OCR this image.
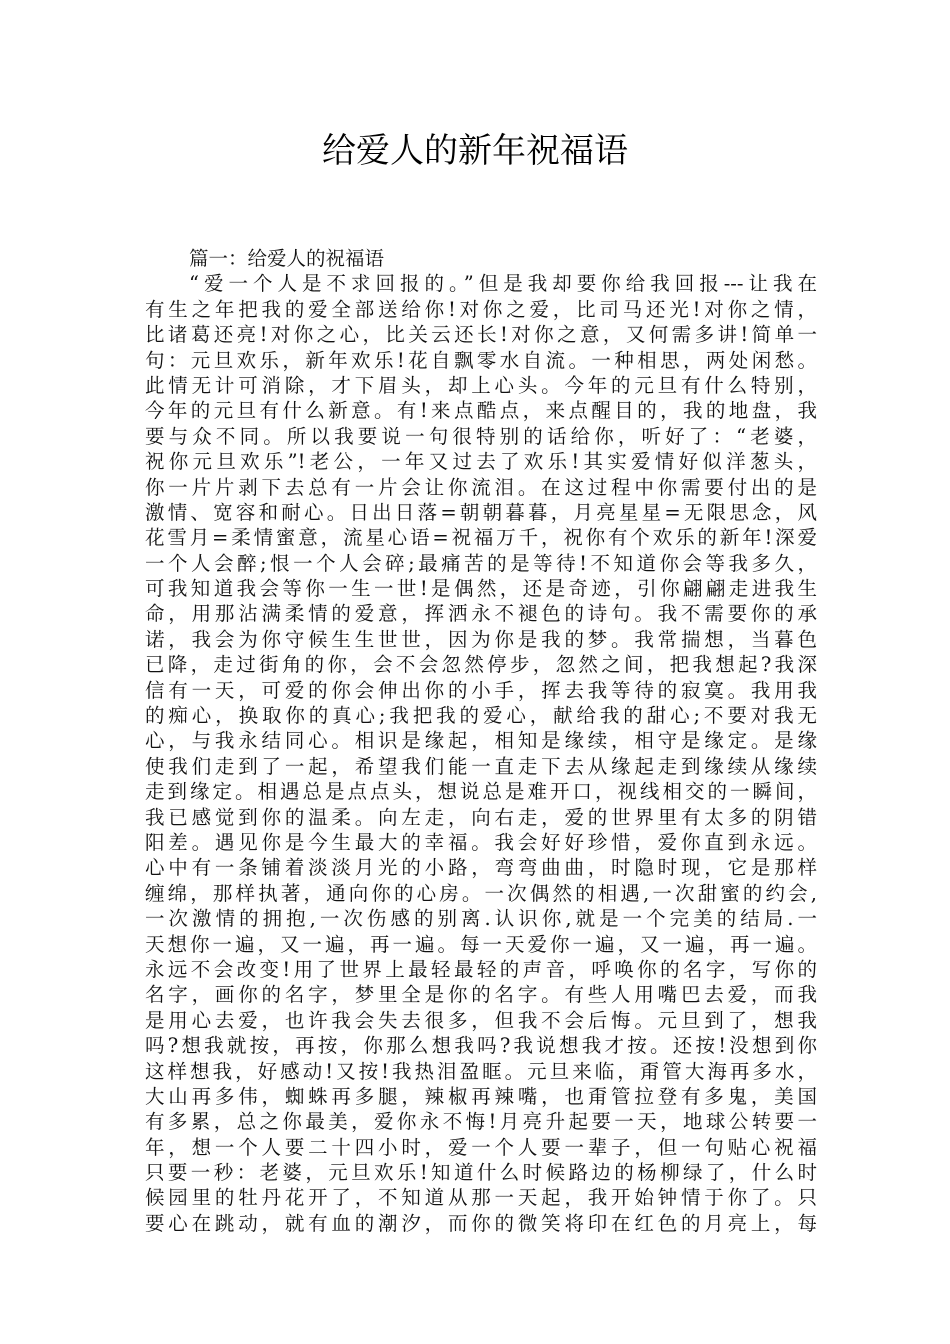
给爱人的新年祝福语
篇一：给爱人的祝福语
“爱一个人是不求回报的。”但是我却要你给我回报---让我在
有生之年把我的爱全部送给你!对你之爱，比司马还光!对你之情，
比诸葛还亮!对你之心，比关云还长!对你之意，又何需多讲!简单一
句：元旦欢乐，新年欢乐!花自飘零水自流。一种相思，两处闲愁。
此情无计可消除，才下眉头，却上心头。今年的元旦有什么特别，
今年的元旦有什么新意。有!来点酷点，来点醒目的，我的地盘，我
要与众不同。所以我要说一句很特别的话给你，听好了：“老婆，
祝你元旦欢乐”!老公，一年又过去了欢乐!其实爱情好似洋葱头，
你一片片剥下去总有一片会让你流泪。在这过程中你需要付出的是
激情、宽容和耐心。日出日落=朝朝暮暮，月亮星星=无限思念，风
花雪月=柔情蜜意，流星心语=祝福万千，祝你有个欢乐的新年!深爱
一个人会醉;恨一个人会碎;最痛苦的是等待!不知道你会等我多久，
可我知道我会等你一生一世!是偶然，还是奇迹，引你翩翩走进我生
命，用那沾满柔情的爱意，挥洒永不褪色的诗句。我不需要你的承
诺，我会为你守候生生世世，因为你是我的梦。我常揣想，当暮色
已降，走过街角的你，会不会忽然停步，忽然之间，把我想起?我深
信有一天，可爱的你会伸出你的小手，挥去我等待的寂寞。我用我
的痴心，换取你的真心;我把我的爱心，献给我的甜心;不要对我无
心，与我永结同心。相识是缘起，相知是缘续，相守是缘定。是缘
使我们走到了一起，希望我们能一直走下去从缘起走到缘续从缘续
走到缘定。相遇总是点点头，想说总是难开口，视线相交的一瞬间，
我已感觉到你的温柔。向左走，向右走，爱的世界里有太多的阴错
阳差。遇见你是今生最大的幸福。我会好好珍惜，爱你直到永远。
心中有一条铺着淡淡月光的小路，弯弯曲曲，时隐时现，它是那样
缠绵，那样执著，通向你的心房。一次偶然的相遇,一次甜蜜的约会,
一次激情的拥抱,一次伤感的别离.认识你,就是一个完美的结局.一
天想你一遍，又一遍，再一遍。每一天爱你一遍，又一遍，再一遍。
永远不会改变!用了世界上最轻最轻的声音，呼唤你的名字，写你的
名字，画你的名字，梦里全是你的名字。有些人用嘴巴去爱，而我
是用心去爱，也许我会失去很多，但我不会后悔。元旦到了，想我
吗?想我就按，再按，你那么想我吗?我说想我才按。还按!没想到你
这样想我，好感动!又按!我热泪盈眶。元旦来临，甭管大海再多水，
大山再多伟，蜘蛛再多腿，辣椒再辣嘴，也甭管拉登有多鬼，美国
有多累，总之你最美，爱你永不悔!月亮升起要一天，地球公转要一
年，想一个人要二十四小时，爱一个人要一辈子，但一句贴心祝福
只要一秒：老婆，元旦欢乐!知道什么时候路边的杨柳绿了，什么时
候园里的牡丹花开了，不知道从那一天起，我开始钟情于你了。只
要心在跳动，就有血的潮汐，而你的微笑将印在红色的月亮上，每
